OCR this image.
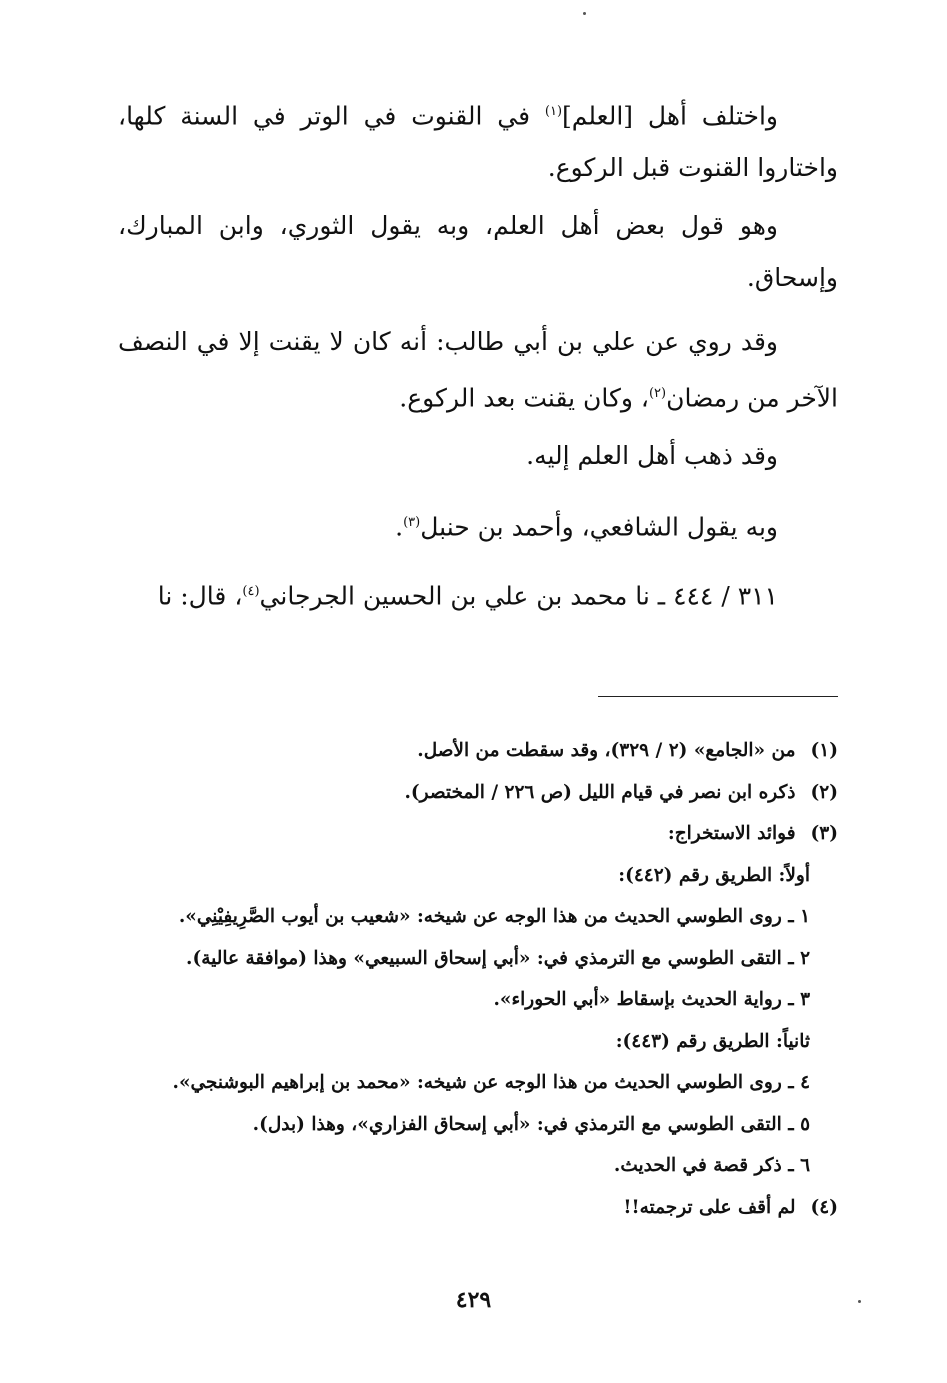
واختلف أهل [العلم]$^{(١)}$ في القنوت في الوتر في السنة كلها، واختاروا القنوت قبل الركوع.

وهو قول بعض أهل العلم، وبه يقول الثوري، وابن المبارك، وإسحاق.

وقد روي عن علي بن أبي طالب: أنه كان لا يقنت إلا في النصف الآخر من رمضان$^{(٢)}$، وكان يقنت بعد الركوع.

وقد ذهب أهل العلم إليه.

وبه يقول الشافعي، وأحمد بن حنبل$^{(٣)}$.

٣١١ / ٤٤٤ ـ نا محمد بن علي بن الحسين الجرجاني$^{(٤)}$، قال: نا

(١) من «الجامع» (٢ / ٣٢٩)، وقد سقطت من الأصل.

(٢) ذكره ابن نصر في قيام الليل (ص ٢٢٦ / المختصر).

(٣) فوائد الاستخراج:

أولاً: الطريق رقم (٤٤٢):

١ ـ روى الطوسي الحديث من هذا الوجه عن شيخه: «شعيب بن أيوب الصَّرِيفِيْنِي».

٢ ـ التقى الطوسي مع الترمذي في: «أبي إسحاق السبيعي» وهذا (موافقة عالية).

٣ ـ رواية الحديث بإسقاط «أبي الحوراء».

ثانياً: الطريق رقم (٤٤٣):

٤ ـ روى الطوسي الحديث من هذا الوجه عن شيخه: «محمد بن إبراهيم البوشنجي».

٥ ـ التقى الطوسي مع الترمذي في: «أبي إسحاق الفزاري»، وهذا (بدل).

٦ ـ ذكر قصة في الحديث.

(٤) لم أقف على ترجمته!!

٤٢٩
